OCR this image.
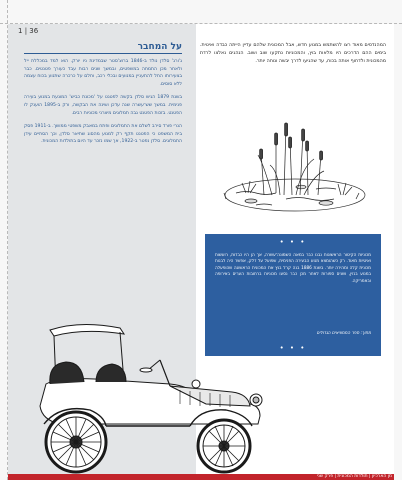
36 | 1
על המחבר

ג'ורג' סלדן נולד ב-1846 ברוצ'סטר שבמדינת ניו יורק. הוא למד במכללת ייל ולאחר מכן התמחה במשפטים, ובמשך שנים רבות עבד כעורך פטנטים. כבר בצעירותו החל להתעניין במנועים ובכלי רכב, וחלם על כרכרה שתנוע בכוח עצמה ללא סוסים.

בשנת 1879 הגיש סלדן בקשה לפטנט על 'מכונת כביש' המונעת במנוע בעירה פנימית. במשך שש־עשרה שנה עדכן ושינה את הבקשה, ורק ב-1895 הוענק לו הפטנט. בזכות הפטנט גבה תמלוגים מיצרני מכוניות רבים.

הנרי פורד סירב לשלם את התמלוגים ופתח במאבק משפטי ממושך. ב-1911 פסק בית המשפט כי הפטנט תקף רק למנוע מהסוג שתיאר סלדן, וכך הסתיים עידן התמלוגים. סלדן נפטר ב-1922, אך שמו נזכר עד היום בתולדות המכונית.

המהנדסים מאוד רצו להשתמש במנוע חדש, אבל המכונית שלהם עדיין הייתה כבדה ואיטית. בימים ההם הדרכים היו מלאות בוץ, והמכוניות נתקעו שוב ושוב. הנהגים נאלצו לרדת מהמכונית ולדחוף אותה בכוח, עד שהגיעו לדרך יבשה ונוחה יותר.

• • •
מכוניות הקיטור הראשונות נבנו כבר במאה השמונה־עשרה, אך הן היו כבדות, רועשות ואיטיות מאוד. רק כשהומצא מנוע הבעירה הפנימית, שפועל על דלק, אפשר היה לבנות מכונית קלה ומהירה יותר. בשנת 1886 בנה קרל בנץ את המכונית הראשונה שהופעלה במנוע בנזין, ושנים ספורות לאחר מכן כבר נסעו מכוניות ברחובות הערים באירופה ובאמריקה.
מתוך: ספר הממציאים הגדולים
• • •
מן הארכיון | תולדות המכונית | פרק שני
